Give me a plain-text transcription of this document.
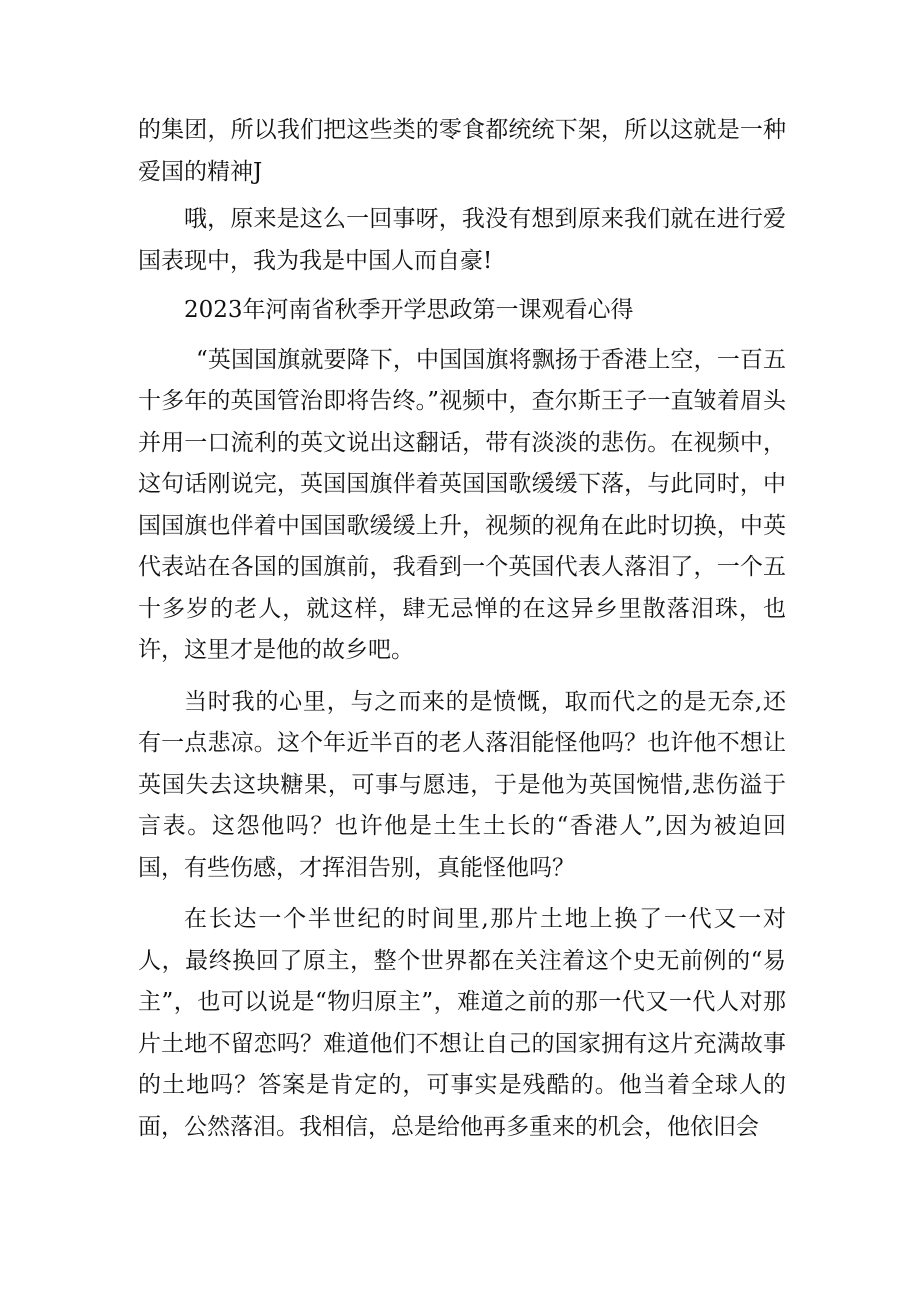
的集团，所以我们把这些类的零食都统统下架，所以这就是一种爱国的精神J

哦，原来是这么一回事呀，我没有想到原来我们就在进行爱国表现中，我为我是中国人而自豪!

2023年河南省秋季开学思政第一课观看心得

“英国国旗就要降下，中国国旗将飘扬于香港上空，一百五十多年的英国管治即将告终。”视频中，查尔斯王子一直皱着眉头并用一口流利的英文说出这翻话，带有淡淡的悲伤。在视频中，这句话刚说完，英国国旗伴着英国国歌缓缓下落，与此同时，中国国旗也伴着中国国歌缓缓上升，视频的视角在此时切换，中英代表站在各国的国旗前，我看到一个英国代表人落泪了，一个五十多岁的老人，就这样，肆无忌惮的在这异乡里散落泪珠，也许，这里才是他的故乡吧。

当时我的心里，与之而来的是愤慨，取而代之的是无奈,还有一点悲凉。这个年近半百的老人落泪能怪他吗？也许他不想让英国失去这块糖果，可事与愿违，于是他为英国惋惜,悲伤溢于言表。这怨他吗？也许他是土生土长的“香港人”,因为被迫回国，有些伤感，才挥泪告别，真能怪他吗？

在长达一个半世纪的时间里,那片土地上换了一代又一对人，最终换回了原主，整个世界都在关注着这个史无前例的“易主”，也可以说是“物归原主”，难道之前的那一代又一代人对那片土地不留恋吗？难道他们不想让自己的国家拥有这片充满故事的土地吗？答案是肯定的，可事实是残酷的。他当着全球人的面，公然落泪。我相信，总是给他再多重来的机会，他依旧会
